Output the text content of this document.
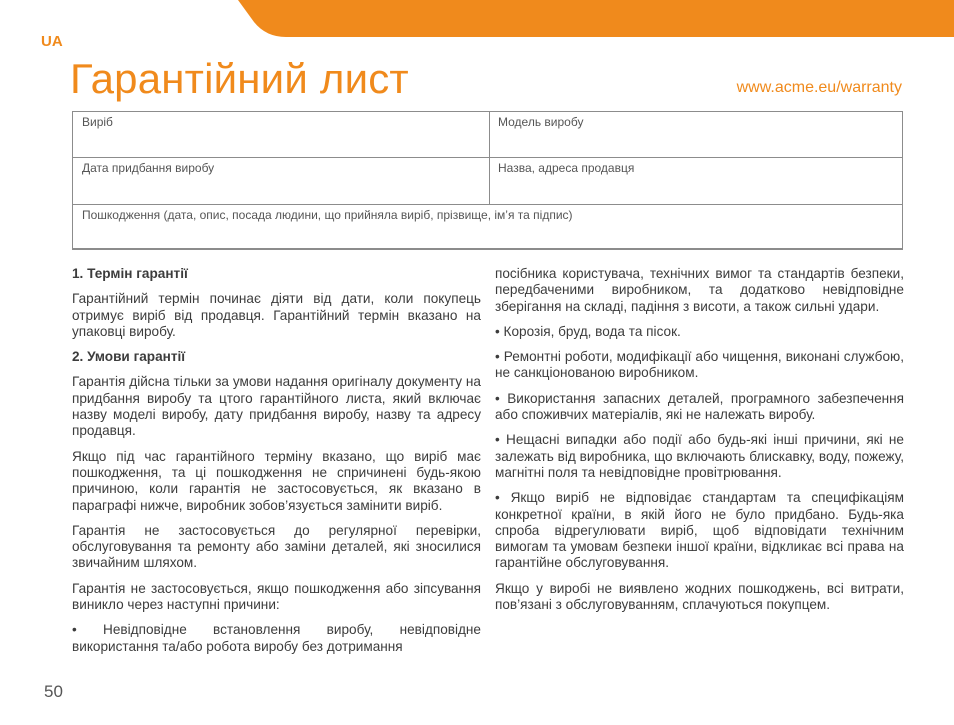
UA
Гарантійний лист	www.acme.eu/warranty
Виріб	Модель виробу
Дата придбання виробу	Назва, адреса продавця
Пошкодження (дата, опис, посада людини, що прийняла виріб, прізвище, ім’я та підпис)
1. Термін гарантії

Гарантійний термін починає діяти від дати, коли покупець отримує виріб від продавця. Гарантійний термін вказано на упаковці виробу.

2. Умови гарантії

Гарантія дійсна тільки за умови надання оригіналу документу на придбання виробу та цтого гарантійного листа, який включає назву моделі виробу, дату придбання виробу, назву та адресу продавця.

Якщо під час гарантійного терміну вказано, що виріб має пошкодження, та ці пошкодження не спричинені будь-якою причиною, коли гарантія не застосовується, як вказано в параграфі нижче, виробник зобов’язується замінити виріб.

Гарантія не застосовується до регулярної перевірки, обслуговування та ремонту або заміни деталей, які зносилися звичайним шляхом.

Гарантія не застосовується, якщо пошкодження або зіпсування виникло через наступні причини:

• Невідповідне встановлення виробу, невідповідне використання та/або робота виробу без дотримання

посібника користувача, технічних вимог та стандартів безпеки, передбаченими виробником, та додатково невідповідне зберігання на складі, падіння з висоти, а також сильні удари.

• Корозія, бруд, вода та пісок.

• Ремонтні роботи, модифікації або чищення, виконані службою, не санкціонованою виробником.

• Використання запасних деталей, програмного забезпечення або споживчих матеріалів, які не належать виробу.

• Нещасні випадки або події або будь-які інші причини, які не залежать від виробника, що включають блискавку, воду, пожежу, магнітні поля та невідповідне провітрювання.

• Якщо виріб не відповідає стандартам та специфікаціям конкретної країни, в якій його не було придбано. Будь-яка спроба відрегулювати виріб, щоб відповідати технічним вимогам та умовам безпеки іншої країни, відкликає всі права на гарантійне обслуговування.

Якщо у виробі не виявлено жодних пошкоджень, всі витрати, пов’язані з обслуговуванням, сплачуються покупцем.

50
